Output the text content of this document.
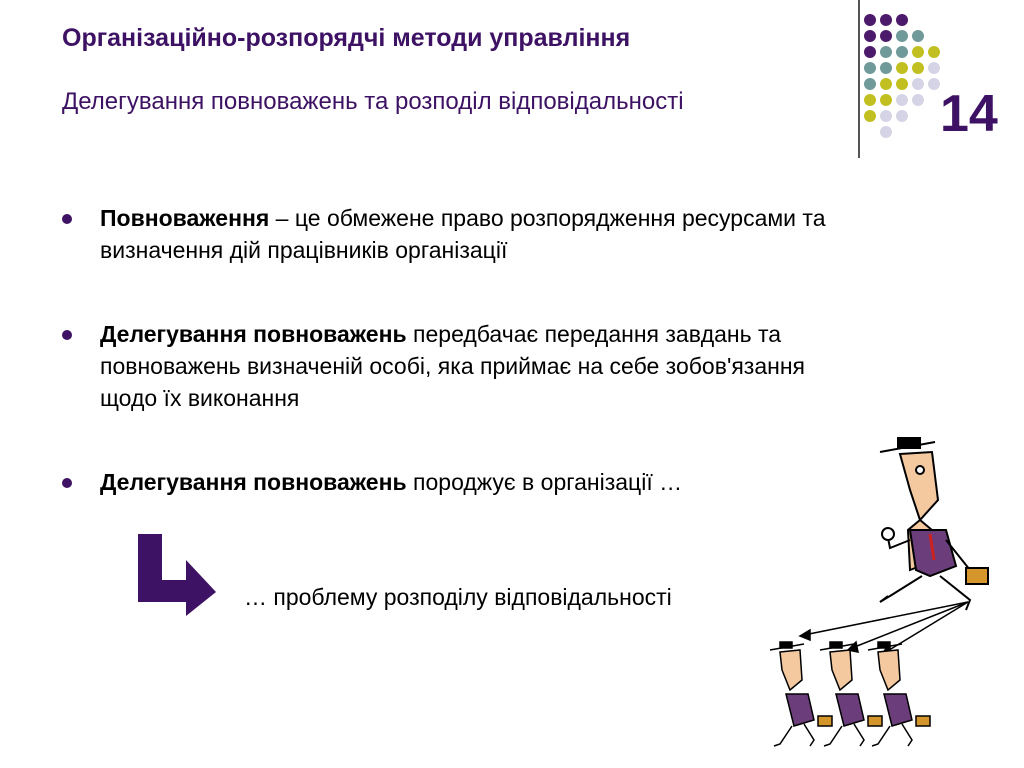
Організаційно-розпорядчі методи управління
Делегування повноважень та розподіл відповідальності	14
Повноваження – це обмежене право розпорядження ресурсами та визначення дій працівників організації
Делегування повноважень передбачає передання завдань та повноважень визначеній особі, яка приймає на себе зобов'язання щодо їх виконання
Делегування повноважень породжує в організації …
… проблему розподілу відповідальності
